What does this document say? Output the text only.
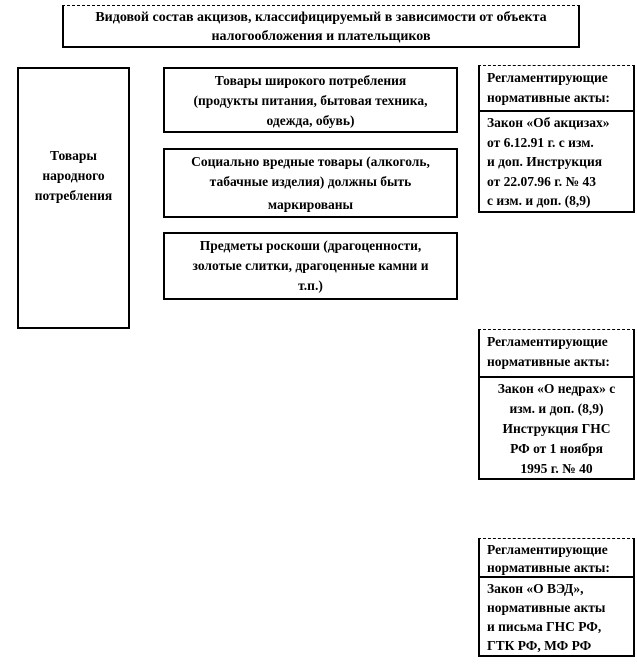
Видовой состав акцизов, классифицируемый в зависимости от объекта
налогообложения и плательщиков
Товары
народного
потребления
Товары широкого потребления
(продукты питания, бытовая техника,
одежда, обувь)
Социально вредные товары (алкоголь,
табачные изделия) должны быть
маркированы
Предметы роскоши (драгоценности,
золотые слитки, драгоценные камни и
т.п.)
Регламентирующие
нормативные акты:
Закон «Об акцизах»
от 6.12.91 г. с изм.
и доп. Инструкция
от 22.07.96 г. № 43
с изм. и доп. (8,9)
Регламентирующие
нормативные акты:
Закон «О недрах» с
изм. и доп. (8,9)
Инструкция ГНС
РФ от 1 ноября
1995 г. № 40
Регламентирующие
нормативные акты:
Закон «О ВЭД»,
нормативные акты
и письма ГНС РФ,
ГТК РФ, МФ РФ
